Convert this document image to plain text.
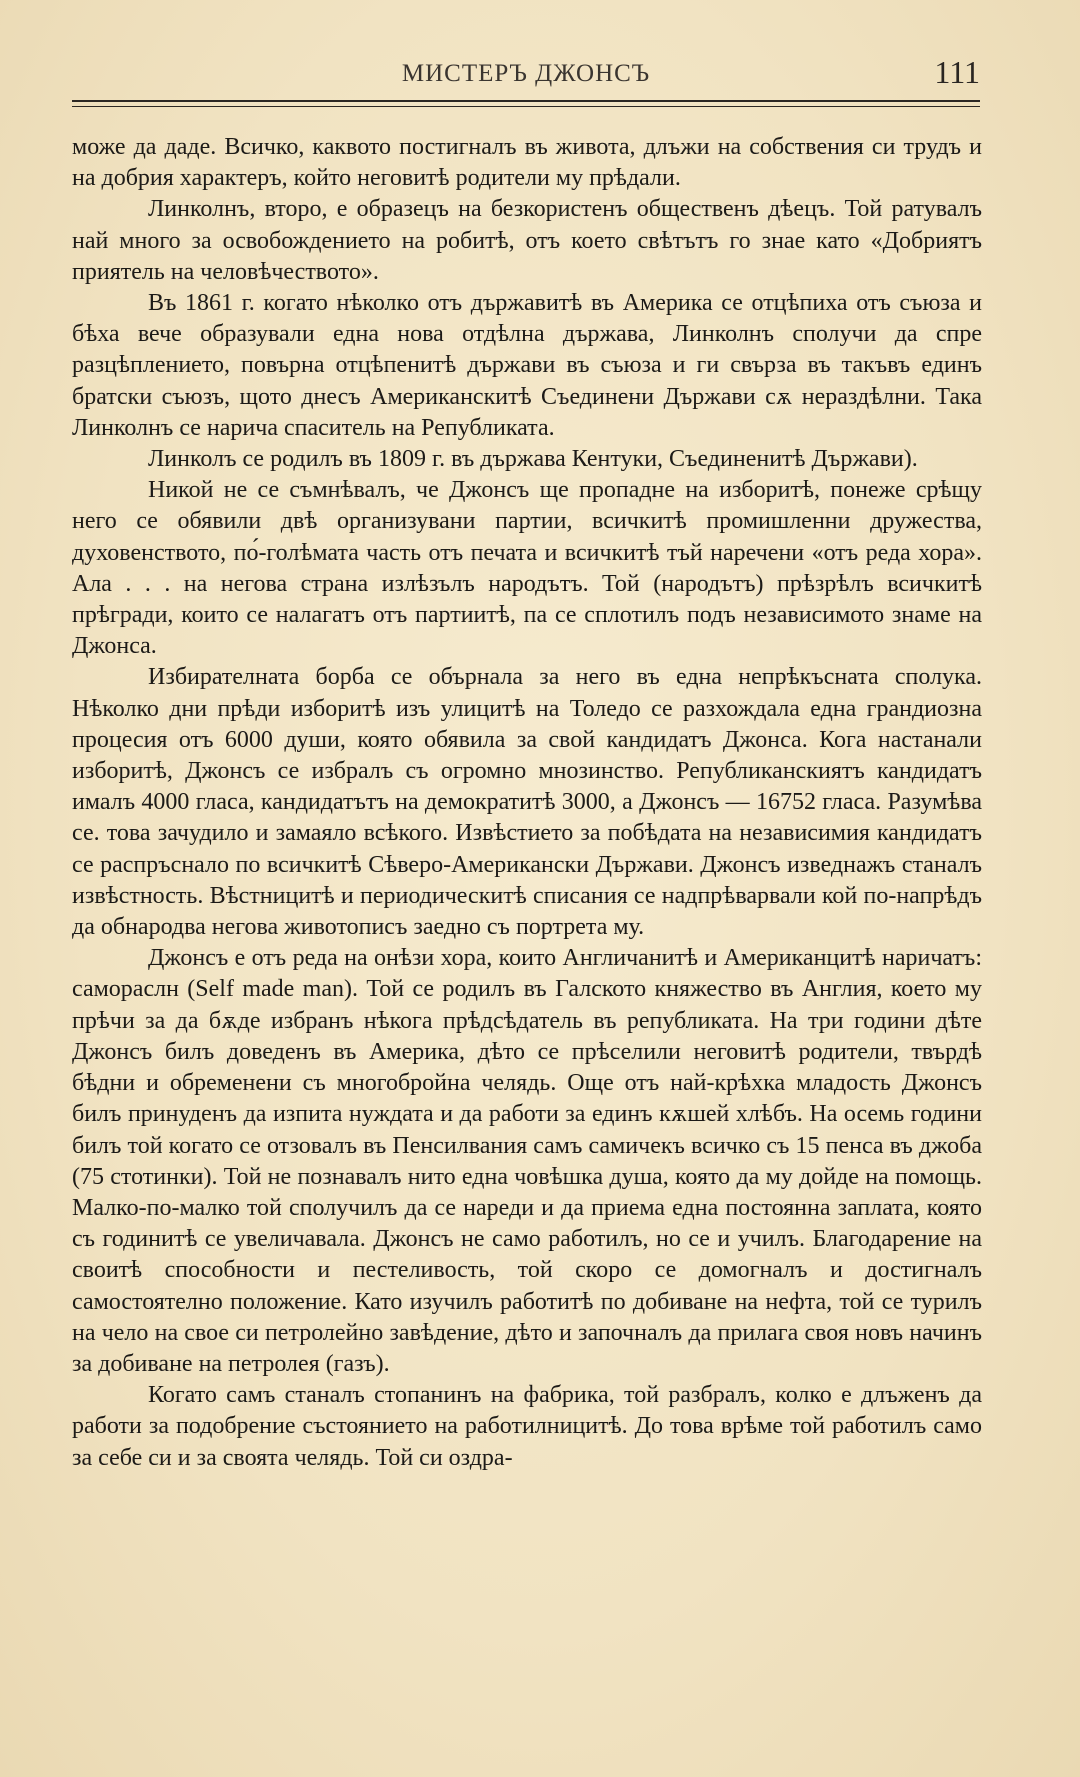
МИСТЕРЪ ДЖОНСЪ	111

може да даде. Всичко, каквото постигналъ въ живота, длъжи на собствения си трудъ и на добрия характеръ, който неговитѣ родители му прѣдали.

Линколнъ, второ, е образецъ на безкористенъ общественъ дѣецъ. Той ратувалъ най много за освобождението на робитѣ, отъ което свѣтътъ го знае като «Добриятъ приятель на человѣчеството».

Въ 1861 г. когато нѣколко отъ държавитѣ въ Америка се отцѣпиха отъ съюза и бѣха вече образували една нова отдѣлна държава, Линколнъ сполучи да спре разцѣплението, повърна отцѣпенитѣ държави въ съюза и ги свърза въ такъвъ единъ братски съюзъ, щото днесъ Американскитѣ Съединени Държави сѫ нераздѣлни. Така Линколнъ се нарича спаситель на Републиката.

Линколъ се родилъ въ 1809 г. въ държава Кентуки, Съединенитѣ Държави).

Никой не се съмнѣвалъ, че Джонсъ ще пропадне на изборитѣ, понеже срѣщу него се обявили двѣ организувани партии, всичкитѣ промишленни дружества, духовенството, по́-голѣмата часть отъ печата и всичкитѣ тъй наречени «отъ реда хора». Ала . . . на негова страна излѣзълъ народътъ. Той (народътъ) прѣзрѣлъ всичкитѣ прѣгради, които се налагатъ отъ партиитѣ, па се сплотилъ подъ независимото знаме на Джонса.

Избирателната борба се обърнала за него въ една непрѣкъсната сполука. Нѣколко дни прѣди изборитѣ изъ улицитѣ на Толедо се разхождала една грандиозна процесия отъ 6000 души, която обявила за свой кандидатъ Джонса. Кога настанали изборитѣ, Джонсъ се избралъ съ огромно мнозинство. Републиканскиятъ кандидатъ ималъ 4000 гласа, кандидатътъ на демократитѣ 3000, а Джонсъ — 16752 гласа. Разумѣва се. това зачудило и замаяло всѣкого. Извѣстието за побѣдата на независимия кандидатъ се распръснало по всичкитѣ Сѣверо-Американски Държави. Джонсъ изведнажъ станалъ извѣстность. Вѣстницитѣ и периодическитѣ списания се надпрѣварвали кой по-напрѣдъ да обнародва негова животописъ заедно съ портрета му.

Джонсъ е отъ реда на онѣзи хора, които Англичанитѣ и Американцитѣ наричатъ: самораслн (Self made man). Той се родилъ въ Галското княжество въ Англия, което му прѣчи за да бѫде избранъ нѣкога прѣдсѣдатель въ републиката. На три години дѣте Джонсъ билъ доведенъ въ Америка, дѣто се прѣселили неговитѣ родители, твърдѣ бѣдни и обременени съ многобройна челядь. Още отъ най-крѣхка младость Джонсъ билъ принуденъ да изпита нуждата и да работи за единъ кѫшей хлѣбъ. На осемь години билъ той когато се отзовалъ въ Пенсилвания самъ самичекъ всичко съ 15 пенса въ джоба (75 стотинки). Той не познавалъ нито една човѣшка душа, която да му дойде на помощь. Малко-по-малко той сполучилъ да се нареди и да приема една постоянна заплата, която съ годинитѣ се увеличавала. Джонсъ не само работилъ, но се и училъ. Благодарение на своитѣ способности и пестеливость, той скоро се домогналъ и достигналъ самостоятелно положение. Като изучилъ работитѣ по добиване на нефта, той се турилъ на чело на свое си петролейно завѣдение, дѣто и започналъ да прилага своя новъ начинъ за добиване на петролея (газъ).

Когато самъ станалъ стопанинъ на фабрика, той разбралъ, колко е длъженъ да работи за подобрение състоянието на работилницитѣ. До това врѣме той работилъ само за себе си и за своята челядь. Той си оздра-
